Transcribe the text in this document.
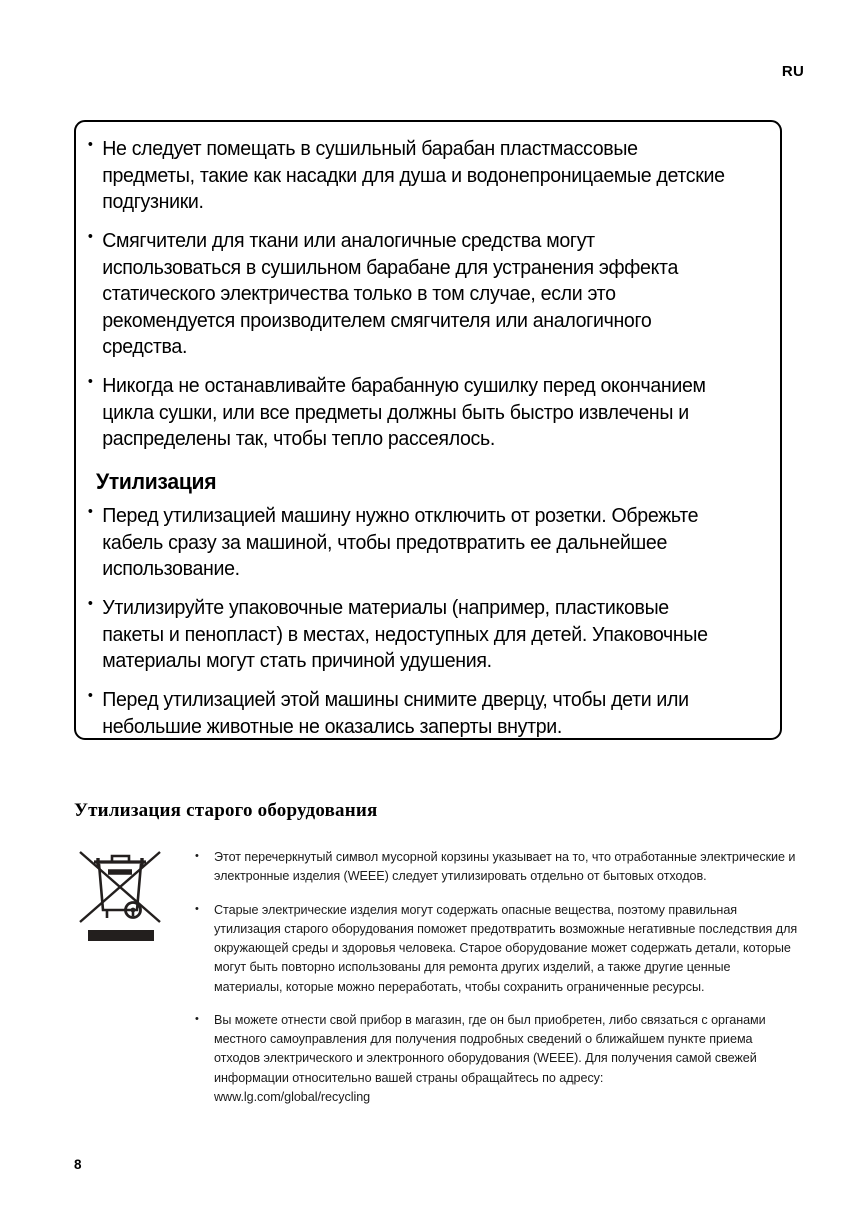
RU
• Не следует помещать в сушильный барабан пластмассовые предметы, такие как насадки для душа и водонепроницаемые детские подгузники.
• Смягчители для ткани или аналогичные средства могут использоваться в сушильном барабане для устранения эффекта статического электричества только в том случае, если это рекомендуется производителем смягчителя или аналогичного средства.
• Никогда не останавливайте барабанную сушилку перед окончанием цикла сушки, или все предметы должны быть быстро извлечены и распределены так, чтобы тепло рассеялось.
Утилизация
• Перед утилизацией машину нужно отключить от розетки. Обрежьте кабель сразу за машиной, чтобы предотвратить ее дальнейшее использование.
• Утилизируйте упаковочные материалы (например, пластиковые пакеты и пенопласт) в местах, недоступных для детей. Упаковочные материалы могут стать причиной удушения.
• Перед утилизацией этой машины снимите дверцу, чтобы дети или небольшие животные не оказались заперты внутри.
Утилизация старого оборудования
• Этот перечеркнутый символ мусорной корзины указывает на то, что отработанные электрические и электронные изделия (WEEE) следует утилизировать отдельно от бытовых отходов.
• Старые электрические изделия могут содержать опасные вещества, поэтому правильная утилизация старого оборудования поможет предотвратить возможные негативные последствия для окружающей среды и здоровья человека. Старое оборудование может содержать детали, которые могут быть повторно использованы для ремонта других изделий, а также другие ценные материалы, которые можно переработать, чтобы сохранить ограниченные ресурсы.
• Вы можете отнести свой прибор в магазин, где он был приобретен, либо связаться с органами местного самоуправления для получения подробных сведений о ближайшем пункте приема отходов электрического и электронного оборудования (WEEE). Для получения самой свежей информации относительно вашей страны обращайтесь по адресу:
www.lg.com/global/recycling
8
